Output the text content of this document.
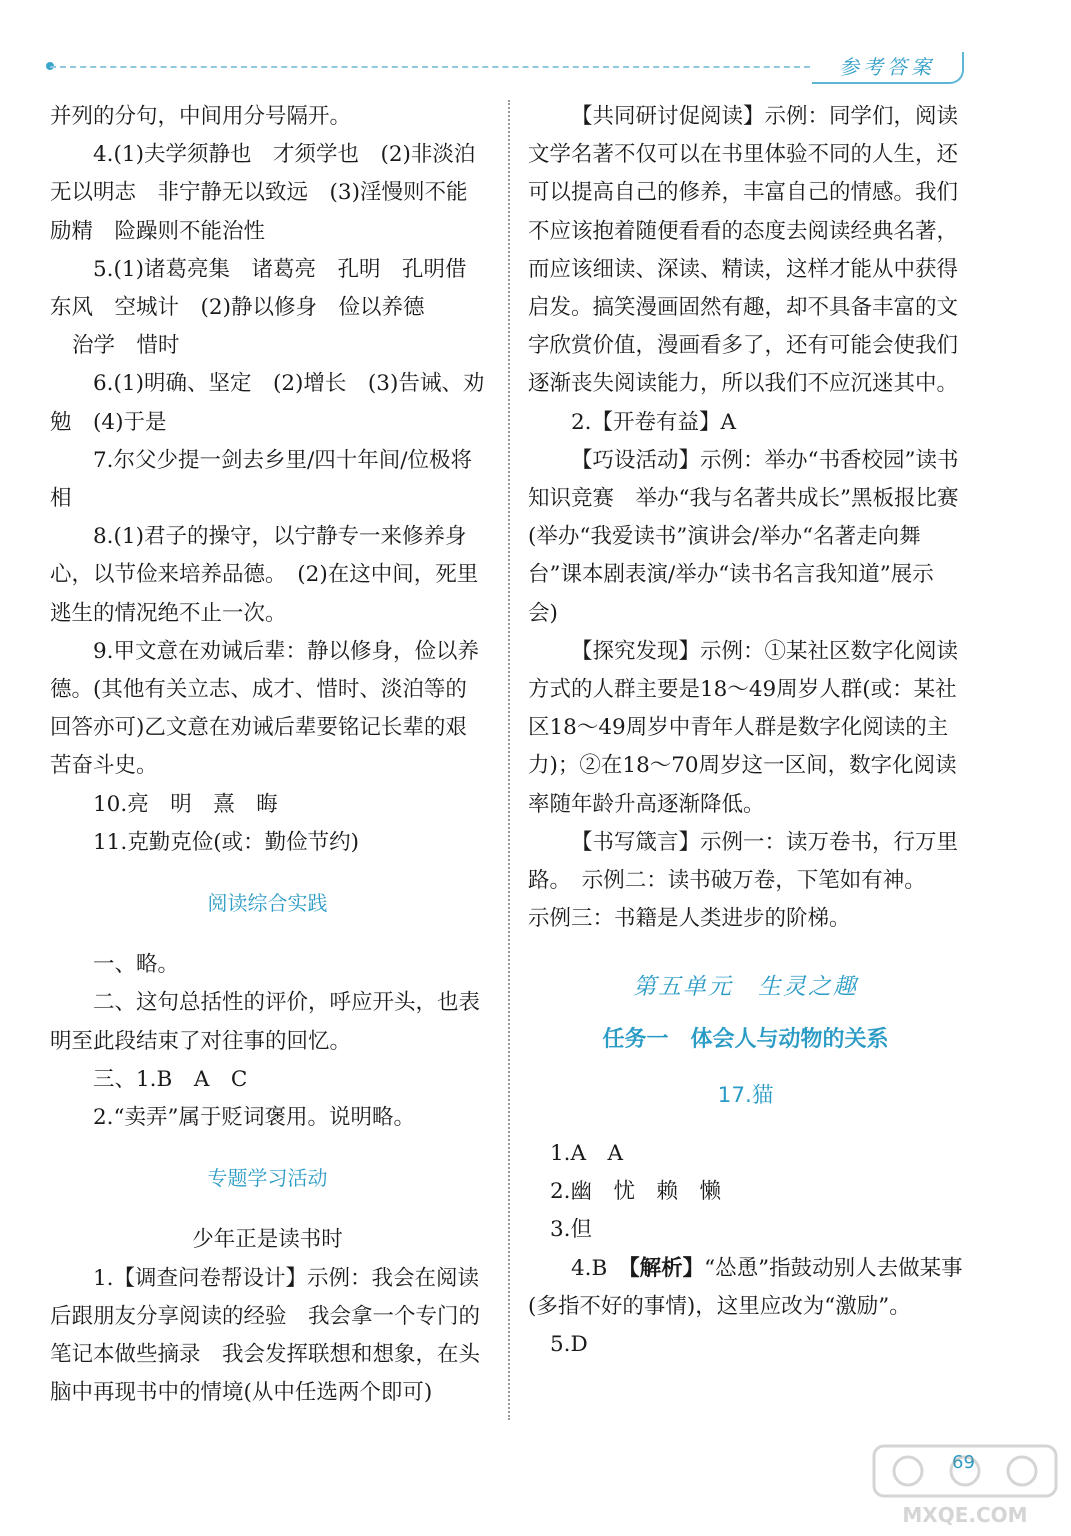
参考答案

并列的分句，中间用分号隔开。

4.(1)夫学须静也　才须学也　(2)非淡泊无以明志　非宁静无以致远　(3)淫慢则不能励精　险躁则不能治性

5.(1)诸葛亮集　诸葛亮　孔明　孔明借东风　空城计　(2)静以修身　俭以养德

治学　惜时

6.(1)明确、坚定　(2)增长　(3)告诫、劝勉　(4)于是

7.尔父少提一剑去乡里/四十年间/位极将相

8.(1)君子的操守，以宁静专一来修养身心，以节俭来培养品德。　(2)在这中间，死里逃生的情况绝不止一次。

9.甲文意在劝诫后辈：静以修身，俭以养德。(其他有关立志、成才、惜时、淡泊等的回答亦可)乙文意在劝诫后辈要铭记长辈的艰苦奋斗史。

10.亮　明　熹　晦

11.克勤克俭(或：勤俭节约)

阅读综合实践

一、略。

二、这句总括性的评价，呼应开头，也表明至此段结束了对往事的回忆。

三、1.B　A　C

2.“卖弄”属于贬词褒用。说明略。

专题学习活动

少年正是读书时

1.【调查问卷帮设计】示例：我会在阅读后跟朋友分享阅读的经验　我会拿一个专门的笔记本做些摘录　我会发挥联想和想象，在头脑中再现书中的情境(从中任选两个即可)

【共同研讨促阅读】示例：同学们，阅读文学名著不仅可以在书里体验不同的人生，还可以提高自己的修养，丰富自己的情感。我们不应该抱着随便看看的态度去阅读经典名著，而应该细读、深读、精读，这样才能从中获得启发。搞笑漫画固然有趣，却不具备丰富的文字欣赏价值，漫画看多了，还有可能会使我们逐渐丧失阅读能力，所以我们不应沉迷其中。

2.【开卷有益】A

【巧设活动】示例：举办“书香校园”读书知识竞赛　举办“我与名著共成长”黑板报比赛(举办“我爱读书”演讲会/举办“名著走向舞台”课本剧表演/举办“读书名言我知道”展示会)

【探究发现】示例：①某社区数字化阅读方式的人群主要是18～49周岁人群(或：某社区18～49周岁中青年人群是数字化阅读的主力)；②在18～70周岁这一区间，数字化阅读率随年龄升高逐渐降低。

【书写箴言】示例一：读万卷书，行万里路。　示例二：读书破万卷，下笔如有神。

示例三：书籍是人类进步的阶梯。

第五单元　生灵之趣

任务一　体会人与动物的关系

17.猫

1.A　A

2.幽　忧　赖　懒

3.但

4.B　【解析】“怂恿”指鼓动别人去做某事(多指不好的事情)，这里应改为“激励”。

5.D

69
MXQE.COM
